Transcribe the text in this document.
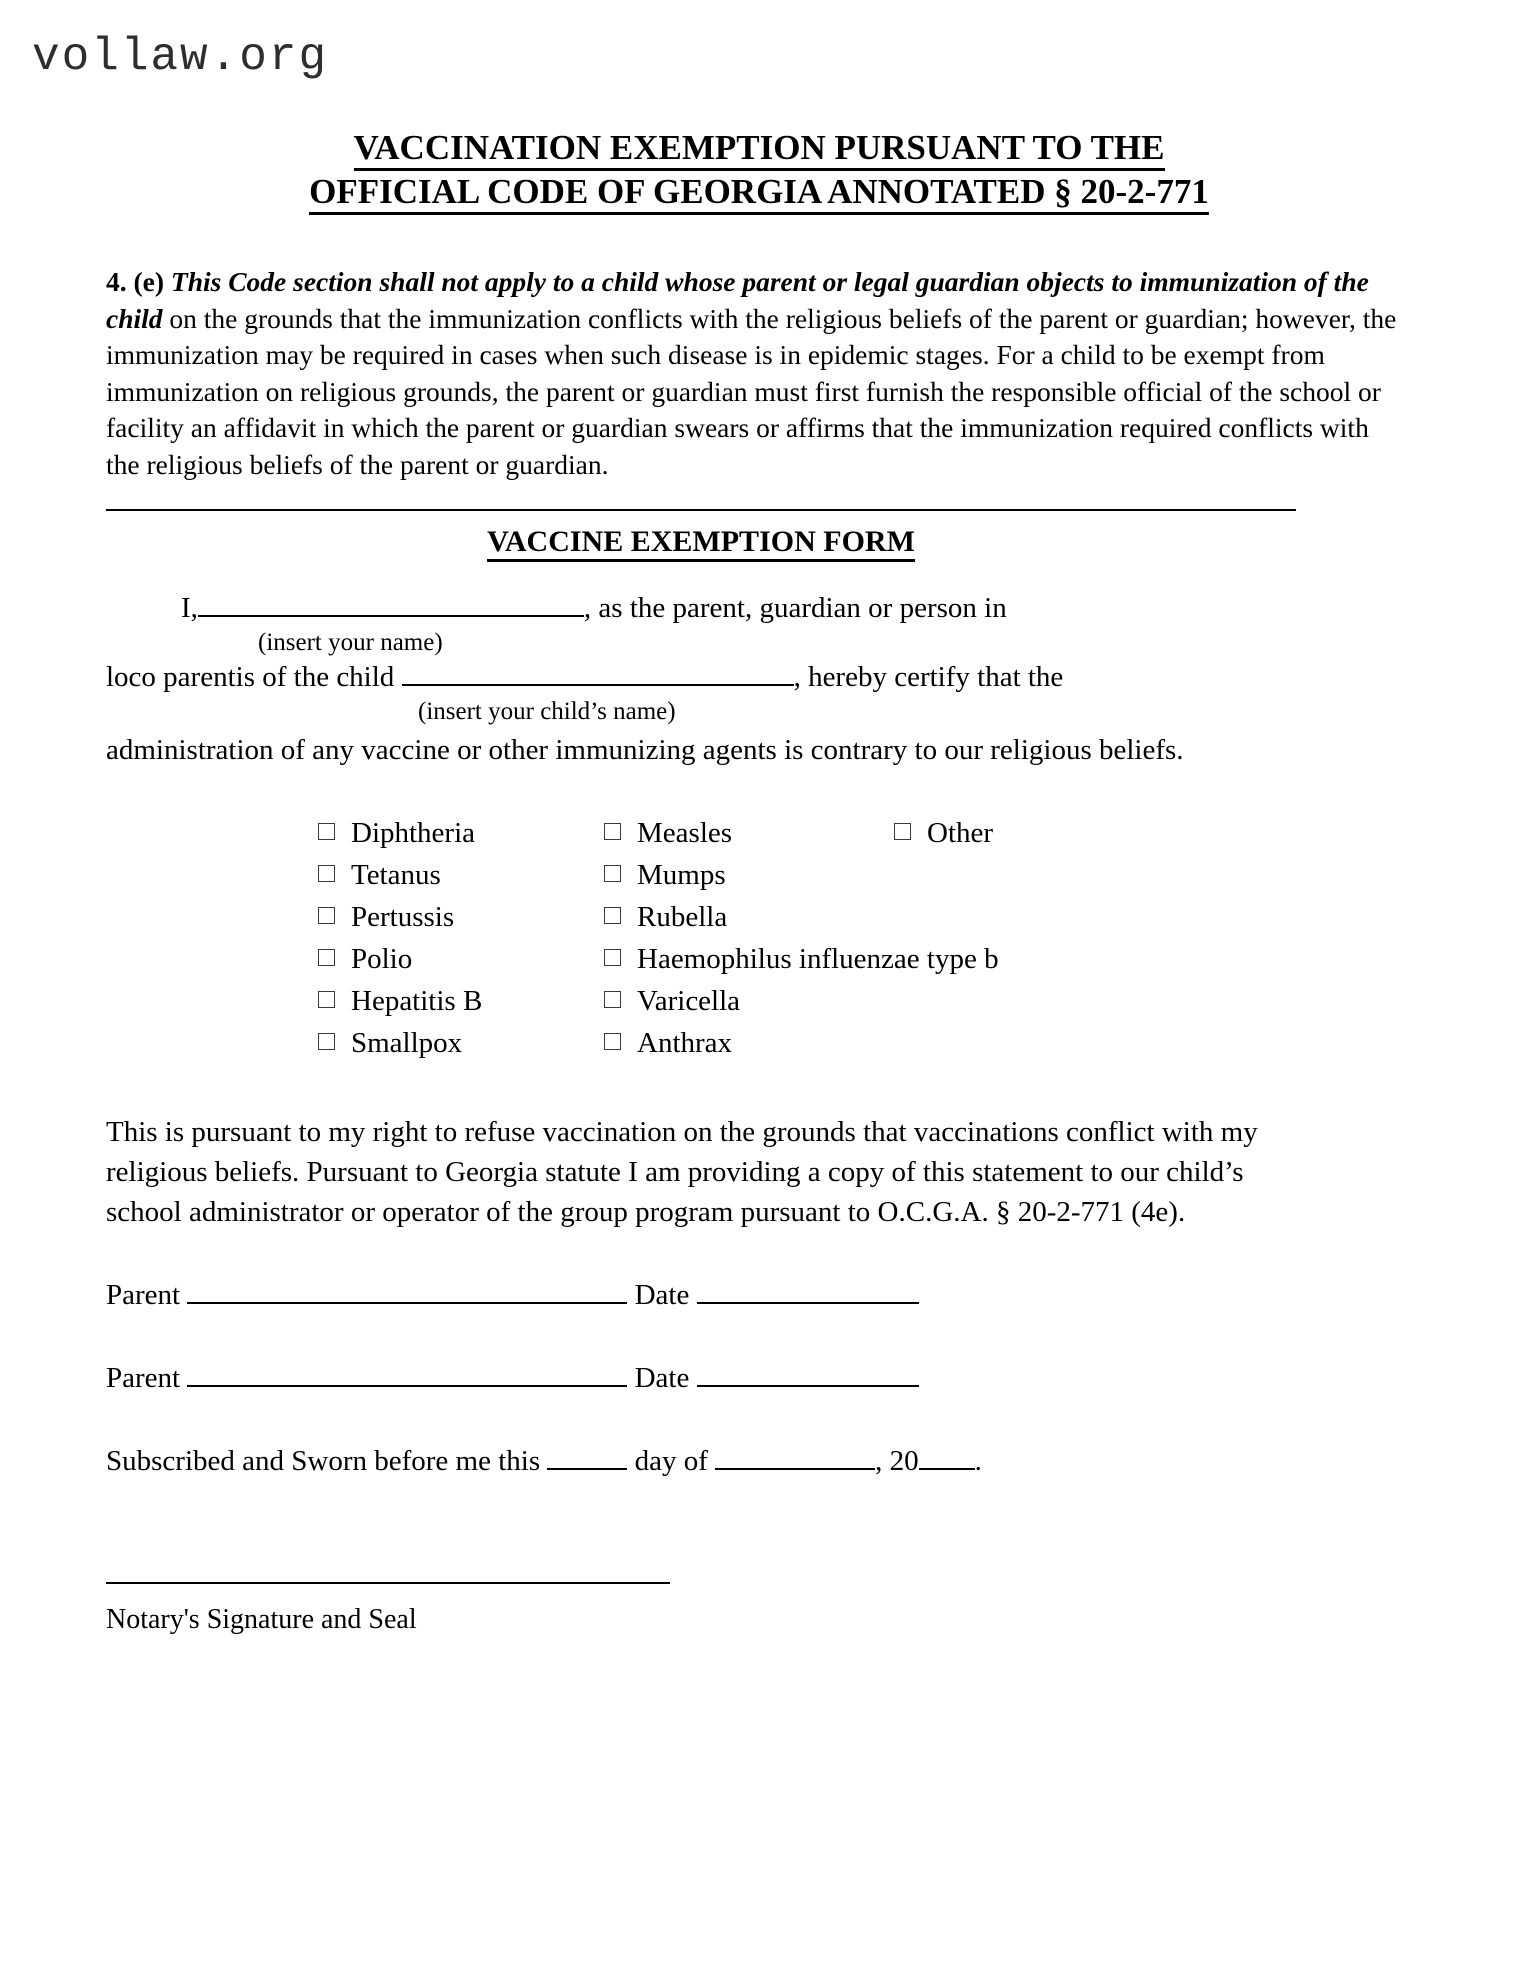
vollaw.org
VACCINATION EXEMPTION PURSUANT TO THE
OFFICIAL CODE OF GEORGIA ANNOTATED § 20-2-771
4. (e) This Code section shall not apply to a child whose parent or legal guardian objects to immunization of the child on the grounds that the immunization conflicts with the religious beliefs of the parent or guardian; however, the immunization may be required in cases when such disease is in epidemic stages. For a child to be exempt from immunization on religious grounds, the parent or guardian must first furnish the responsible official of the school or facility an affidavit in which the parent or guardian swears or affirms that the immunization required conflicts with the religious beliefs of the parent or guardian.
VACCINE EXEMPTION FORM
I,	, as the parent, guardian or person in
(insert your name)
loco parentis of the child	, hereby certify that the
(insert your child’s name)
administration of any vaccine or other immunizing agents is contrary to our religious beliefs.
Diphtheria	Measles	Other
Tetanus	Mumps
Pertussis	Rubella
Polio	Haemophilus influenzae type b
Hepatitis B	Varicella
Smallpox	Anthrax
This is pursuant to my right to refuse vaccination on the grounds that vaccinations conflict with my religious beliefs. Pursuant to Georgia statute I am providing a copy of this statement to our child’s school administrator or operator of the group program pursuant to O.C.G.A. § 20-2-771 (4e).
Parent	Date
Parent	Date
Subscribed and Sworn before me this	day of	, 20 .
Notary's Signature and Seal
